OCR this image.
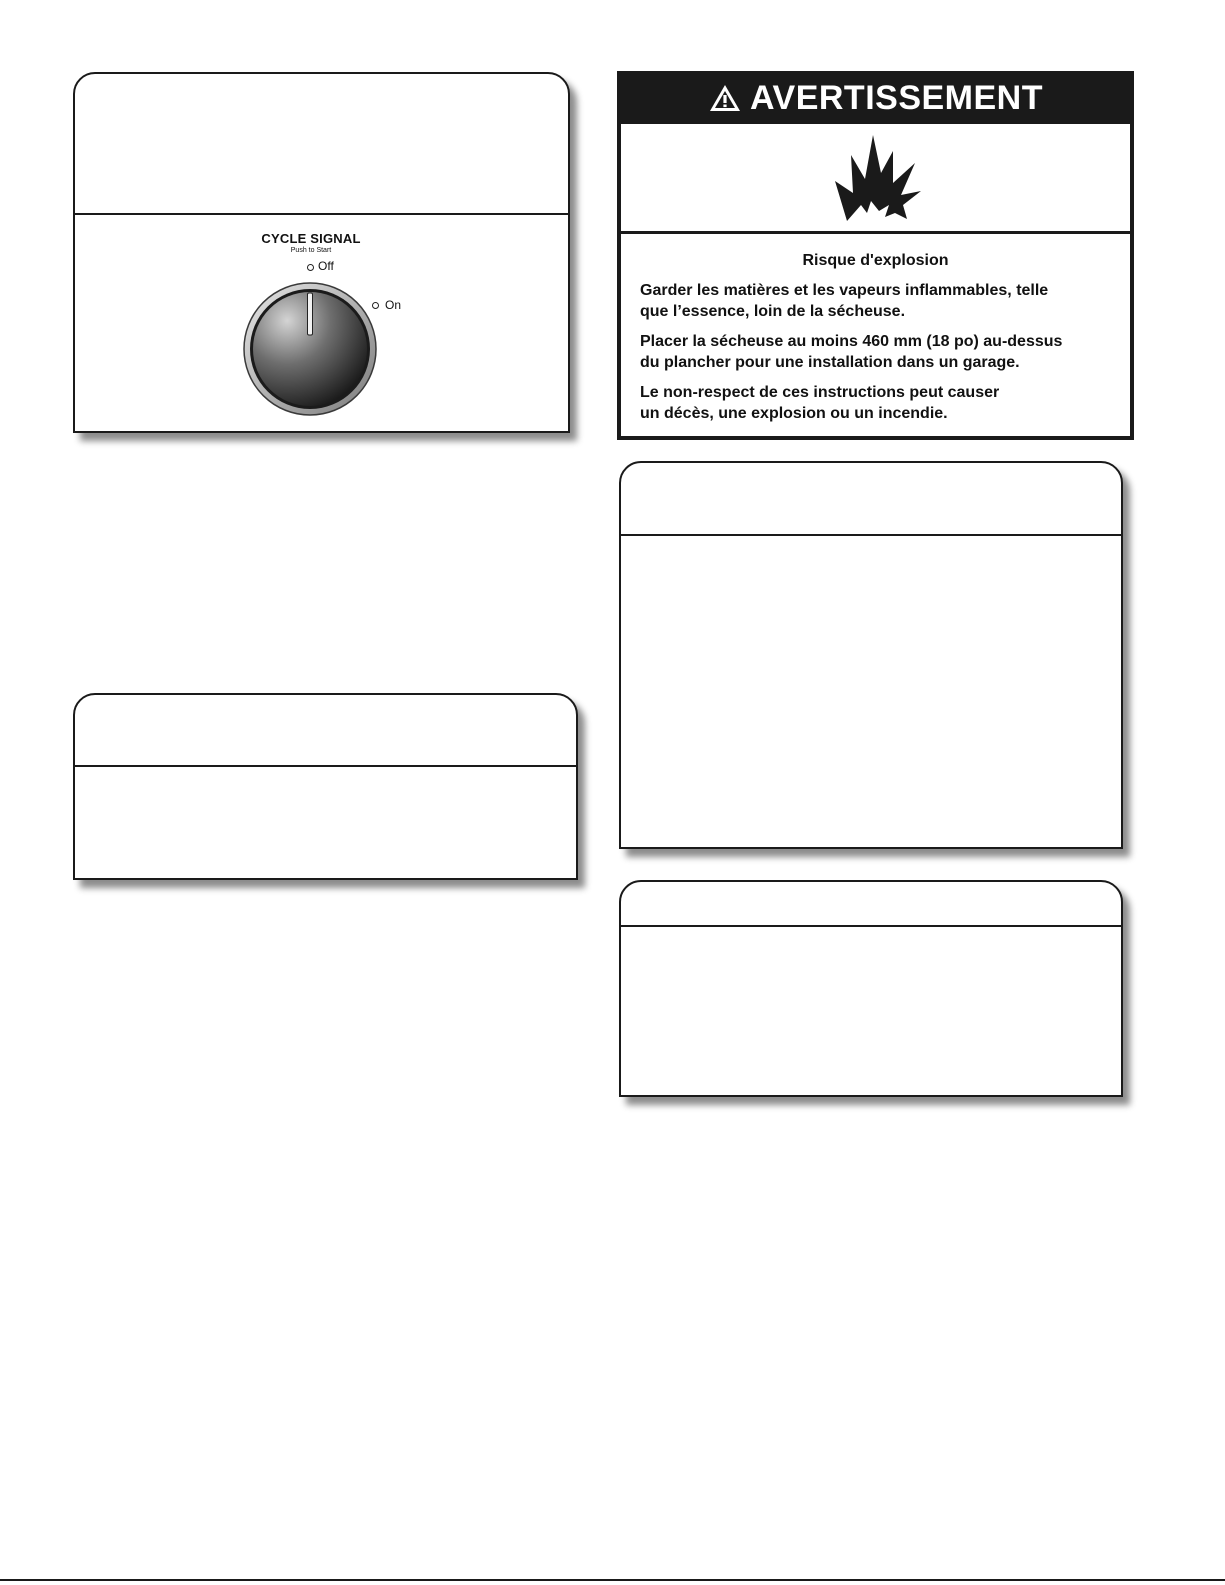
CYCLE SIGNAL
Push to Start
Off
On
AVERTISSEMENT
Risque d'explosion
Garder les matières et les vapeurs inflammables, telle
que l’essence, loin de la sécheuse.
Placer la sécheuse au moins 460 mm (18 po) au-dessus
du plancher pour une installation dans un garage.
Le non-respect de ces instructions peut causer
un décès, une explosion ou un incendie.
